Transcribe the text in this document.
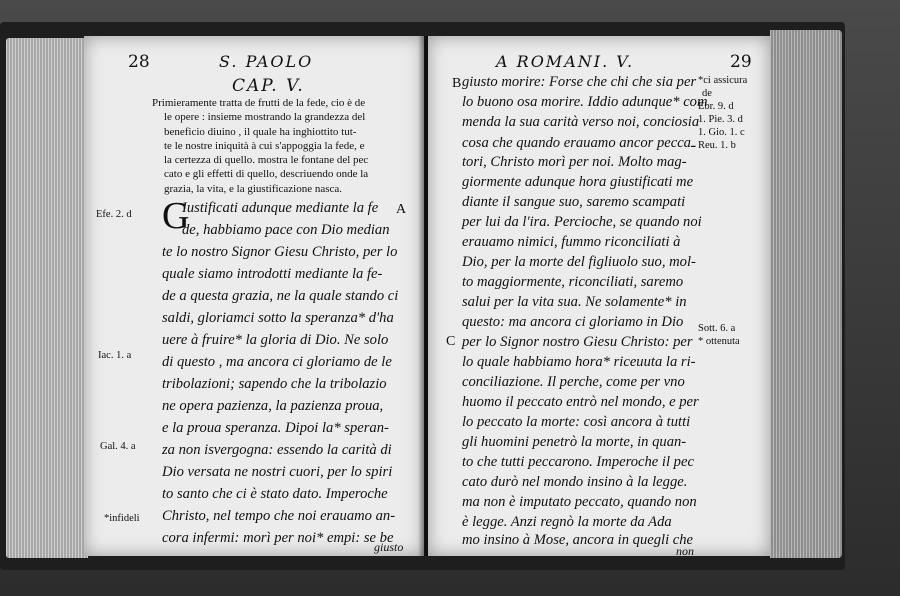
28	S. PAOLO
CAP. V.
Primieramente tratta de frutti de la fede, cio è de
le opere : insieme mostrando la grandezza del
beneficio diuino , il quale ha inghiottito tut-
te le nostre iniquità à cui s'appoggia la fede, e
la certezza di quello. mostra le fontane del pec
cato e gli effetti di quello, descriuendo onde la
grazia, la vita, e la giustificazione nasca.
G
Iustificati adunque mediante la fe
de, habbiamo pace con Dio median
te lo nostro Signor Giesu Christo, per lo
quale siamo introdotti mediante la fe-
de a questa grazia, ne la quale stando ci
saldi, gloriamci sotto la speranza* d'ha
uere à fruire* la gloria di Dio. Ne solo
di questo , ma ancora ci gloriamo de le
tribolazioni; sapendo che la tribolazio
ne opera pazienza, la pazienza proua,
e la proua speranza. Dipoi la* speran-
za non isvergogna: essendo la carità di
Dio versata ne nostri cuori, per lo spiri
to santo che ci è stato dato. Imperoche
Christo, nel tempo che noi erauamo an-
cora infermi: morì per noi* empi: se be
giusto
Efe. 2. d
Iac. 1. a
Gal. 4. a
*infideli
A
A ROMANI. V.	29
B
C
giusto morire: Forse che chi che sia per
lo buono osa morire. Iddio adunque* com
menda la sua carità verso noi, conciosia
cosa che quando erauamo ancor peccaـ
tori, Christo morì per noi. Molto mag-
giormente adunque hora giustificati me
diante il sangue suo, saremo scampati
per lui da l'ira. Percioche, se quando noi
erauamo nimici, fummo riconciliati à
Dio, per la morte del figliuolo suo, mol-
to maggiormente, riconciliati, saremo
salui per la vita sua. Ne solamente* in
questo: ma ancora ci gloriamo in Dio
per lo Signor nostro Giesu Christo: per
lo quale habbiamo hora* riceuuta la ri-
conciliazione. Il perche, come per vno
huomo il peccato entrò nel mondo, e per
lo peccato la morte: così ancora à tutti
gli huomini penetrò la morte, in quan-
to che tutti peccarono. Imperoche il pec
cato durò nel mondo insino à la legge.
ma non è imputato peccato, quando non
è legge. Anzi regnò la morte da Ada
mo insino à Mose, ancora in quegli che
non
*ci assicura
de
Ebr. 9. d
1. Pie. 3. d
1. Gio. 1. c
Reu. 1. b
Sott. 6. a
* ottenuta
